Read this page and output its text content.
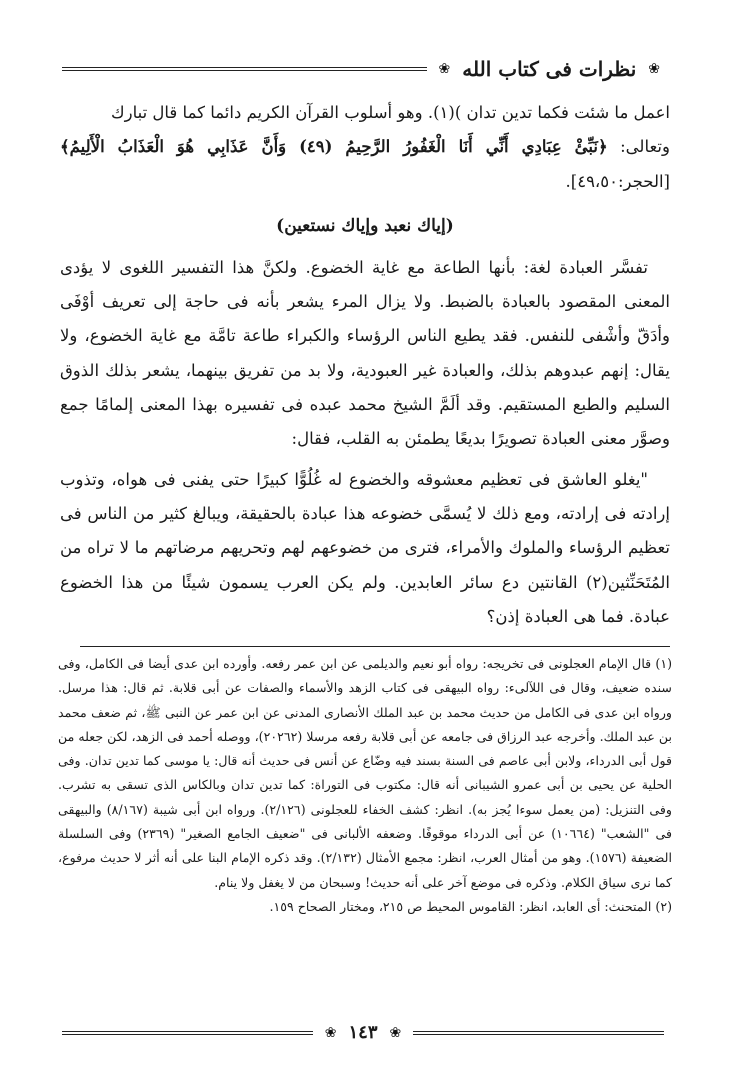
❀
نظرات فى كتاب الله
❀

اعمل ما شئت فكما تدين تدان )(١). وهو أسلوب القرآن الكريم دائما كما قال تبارك

وتعالى: ﴿نَبِّئْ عِبَادِي أَنِّي أَنَا الْغَفُورُ الرَّحِيمُ (٤٩) وَأَنَّ عَذَابِي هُوَ الْعَذَابُ الْأَلِيمُ﴾ [الحجر:٤٩،٥٠].

(إياك نعبد وإياك نستعين)

تفسَّر العبادة لغة: بأنها الطاعة مع غاية الخضوع. ولكنَّ هذا التفسير اللغوى لا يؤدى المعنى المقصود بالعبادة بالضبط. ولا يزال المرء يشعر بأنه فى حاجة إلى تعريف أوْفَى وأدَقّ وأشْفى للنفس. فقد يطيع الناس الرؤساء والكبراء طاعة تامَّة مع غاية الخضوع، ولا يقال: إنهم عبدوهم بذلك، والعبادة غير العبودية، ولا بد من تفريق بينهما، يشعر بذلك الذوق السليم والطبع المستقيم. وقد ألَمَّ الشيخ محمد عبده فى تفسيره بهذا المعنى إلمامًا جمع وصوَّر معنى العبادة تصويرًا بديعًا يطمئن به القلب، فقال:

"يغلو العاشق فى تعظيم معشوقه والخضوع له غُلُوًّا كبيرًا حتى يفنى فى هواه، وتذوب إرادته فى إرادته، ومع ذلك لا يُسمَّى خضوعه هذا عبادة بالحقيقة، ويبالغ كثير من الناس فى تعظيم الرؤساء والملوك والأمراء، فترى من خضوعهم لهم وتحريهم مرضاتهم ما لا تراه من المُتَحَنِّثين(٢) القانتين دع سائر العابدين. ولم يكن العرب يسمون شيئًا من هذا الخضوع عبادة. فما هى العبادة إذن؟

(١) قال الإمام العجلونى فى تخريجه: رواه أبو نعيم والديلمى عن ابن عمر رفعه. وأورده ابن عدى أيضا فى الكامل، وفى سنده ضعيف، وقال فى اللآلىء: رواه البيهقى فى كتاب الزهد والأسماء والصفات عن أبى قلابة. ثم قال: هذا مرسل. ورواه ابن عدى فى الكامل من حديث محمد بن عبد الملك الأنصارى المدنى عن ابن عمر عن النبى ﷺ، ثم ضعف محمد بن عبد الملك. وأخرجه عبد الرزاق فى جامعه عن أبى قلابة رفعه مرسلا (٢٠٢٦٢)، ووصله أحمد فى الزهد، لكن جعله من قول أبى الدرداء، ولابن أبى عاصم فى السنة بسند فيه وضّاع عن أنس فى حديث أنه قال: يا موسى كما تدين تدان. وفى الحلية عن يحيى بن أبى عمرو الشيبانى أنه قال: مكتوب فى التوراة: كما تدين تدان وبالكاس الذى تسقى به تشرب. وفى التنزيل: (من يعمل سوءا يُجز به). انظر: كشف الخفاء للعجلونى (٢/١٢٦). ورواه ابن أبى شيبة (٨/١٦٧) والبيهقى فى "الشعب" (١٠٦٦٤) عن أبى الدرداء موقوفًا. وضعفه الألبانى فى "ضعيف الجامع الصغير" (٢٣٦٩) وفى السلسلة الضعيفة (١٥٧٦). وهو من أمثال العرب، انظر: مجمع الأمثال (٢/١٣٢). وقد ذكره الإمام البنا على أنه أثر لا حديث مرفوع، كما نرى سياق الكلام. وذكره فى موضع آخر على أنه حديث! وسبحان من لا يغفل ولا ينام.

(٢) المتحنث: أى العابد، انظر: القاموس المحيط ص ٢١٥، ومختار الصحاح ١٥٩.

❀
١٤٣
❀
